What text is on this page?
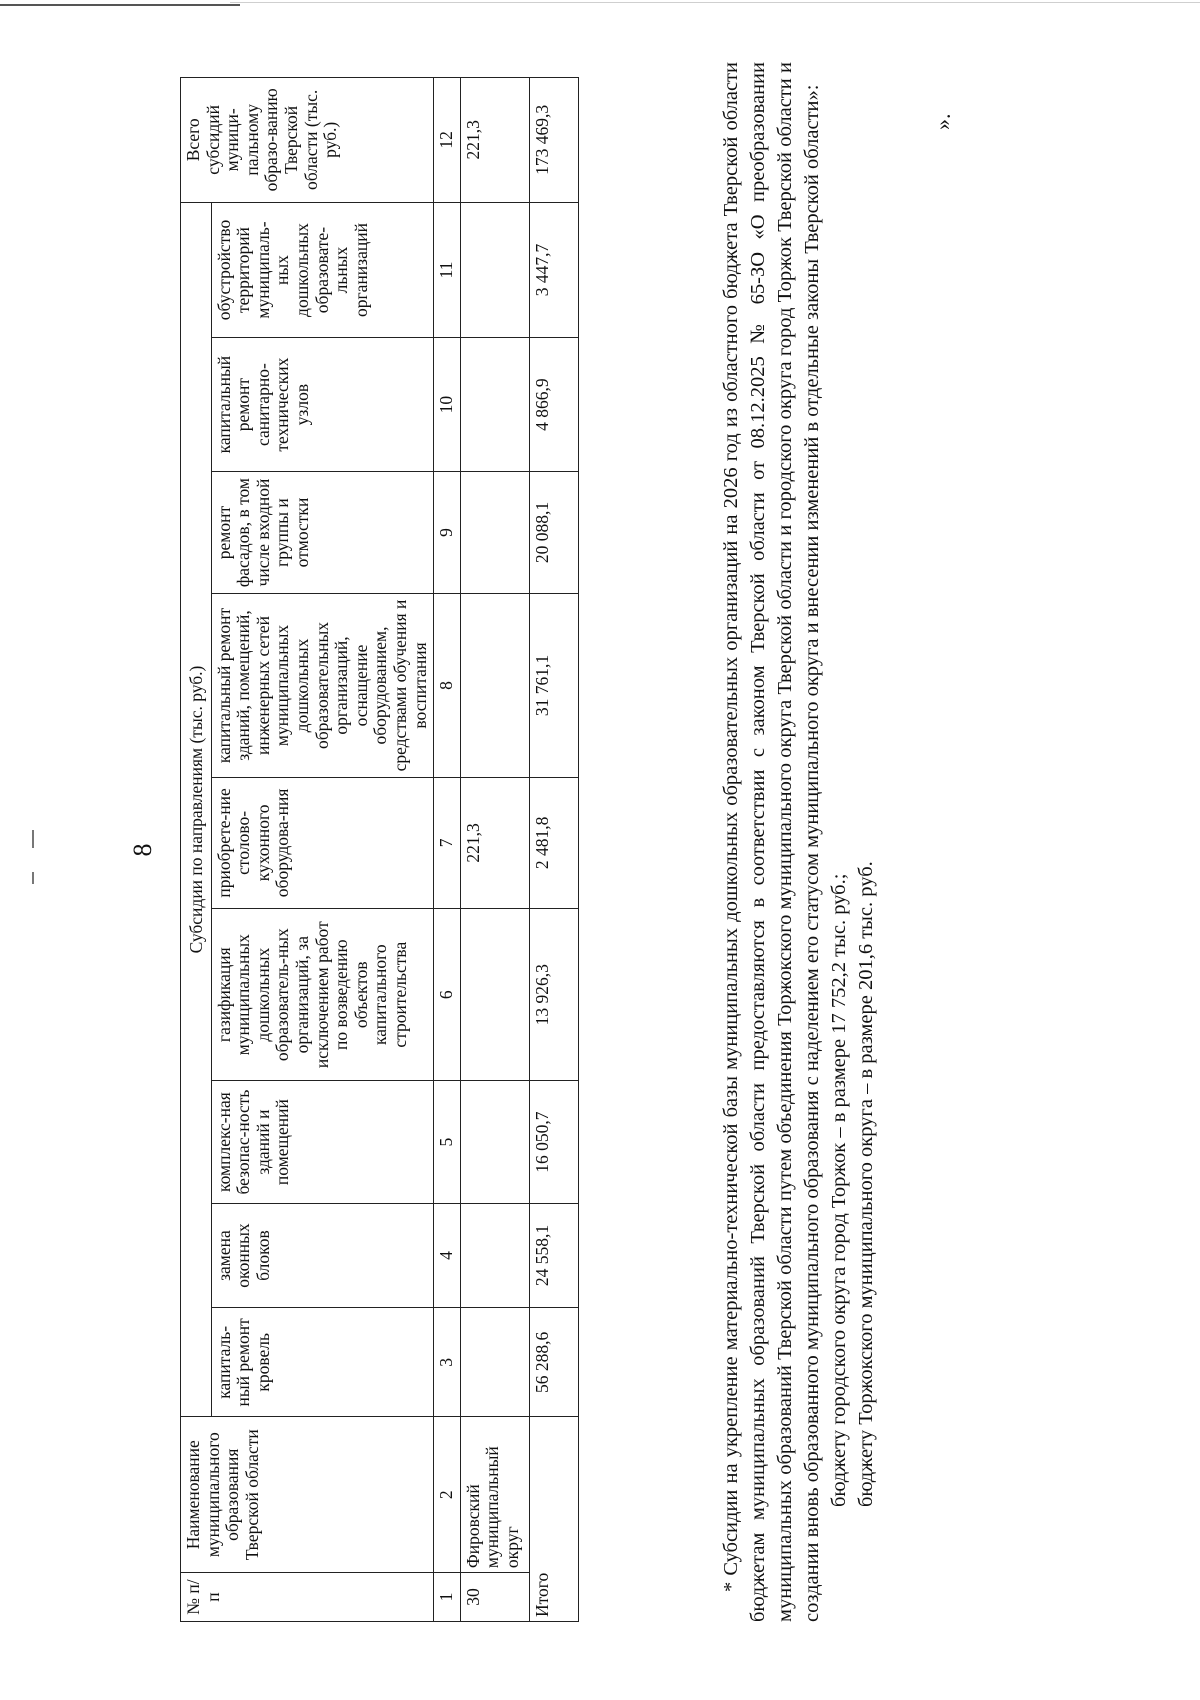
8
№ п/п	Наименование муниципального образования Тверской области	Субсидии по направлениям (тыс. руб.)									Всего субсидий муници-пальному образо-ванию Тверской области (тыс. руб.)
		капиталь-ный ремонт кровель	замена оконных блоков	комплекс-ная безопас-ность зданий и помещений	газификация муниципальных дошкольных образователь-ных организаций, за исключением работ по возведению объектов капитального строительства	приобрете-ние столово-кухонного оборудова-ния	капитальный ремонт зданий, помещений, инженерных сетей муниципальных дошкольных образовательных организаций, оснащение оборудованием, средствами обучения и воспитания	ремонт фасадов, в том числе входной группы и отмостки	капитальный ремонт санитарно-технических узлов	обустройство территорий муниципаль-ных дошкольных образовате-льных организаций	
1	2	3	4	5	6	7	8	9	10	11	12
30	Фировский муниципальный округ					221,3					221,3
Итого		56 288,6	24 558,1	16 050,7	13 926,3	2 481,8	31 761,1	20 088,1	4 866,9	3 447,7	173 469,3	* Субсидии на укрепление материально-технической базы муниципальных дошкольных образовательных организаций на 2026 год из областного бюджета Тверской области бюджетам муниципальных образований Тверской области предоставляются в соответствии с законом Тверской области от 08.12.2025 № 65-ЗО «О преобразовании муниципальных образований Тверской области путем объединения Торжокского муниципального округа Тверской области и городского округа город Торжок Тверской области и создании вновь образованного муниципального образования с наделением его статусом муниципального округа и внесении изменений в отдельные законы Тверской области»: бюджету городского округа город Торжок – в размере 17 752,2 тыс. руб.; бюджету Торжокского муниципального округа – в размере 201,6 тыс. руб.

».
